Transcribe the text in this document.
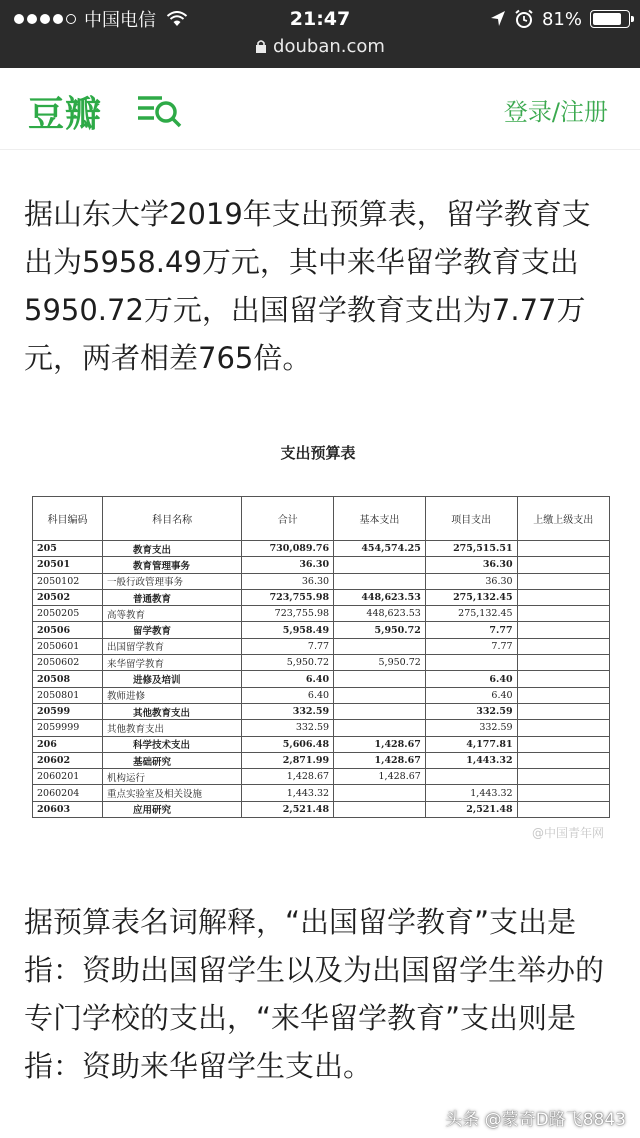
中国电信	21:47	81%
douban.com
豆瓣	登录/注册
据山东大学2019年支出预算表，留学教育支出为5958.49万元，其中来华留学教育支出5950.72万元，出国留学教育支出为7.77万元，两者相差765倍。
支出预算表
科目编码	科目名称	合计	基本支出	项目支出	上缴上级支出
205	教育支出	730,089.76	454,574.25	275,515.51	
20501	教育管理事务	36.30		36.30	
2050102	一般行政管理事务	36.30		36.30	
20502	普通教育	723,755.98	448,623.53	275,132.45	
2050205	高等教育	723,755.98	448,623.53	275,132.45	
20506	留学教育	5,958.49	5,950.72	7.77	
2050601	出国留学教育	7.77		7.77	
2050602	来华留学教育	5,950.72	5,950.72		
20508	进修及培训	6.40		6.40	
2050801	教师进修	6.40		6.40	
20599	其他教育支出	332.59		332.59	
2059999	其他教育支出	332.59		332.59	
206	科学技术支出	5,606.48	1,428.67	4,177.81	
20602	基础研究	2,871.99	1,428.67	1,443.32	
2060201	机构运行	1,428.67	1,428.67		
2060204	重点实验室及相关设施	1,443.32		1,443.32	
20603	应用研究	2,521.48		2,521.48	
@中国青年网
据预算表名词解释，“出国留学教育”支出是指：资助出国留学生以及为出国留学生举办的专门学校的支出，“来华留学教育”支出则是指：资助来华留学生支出。
头条 @蒙奇D路飞8843
